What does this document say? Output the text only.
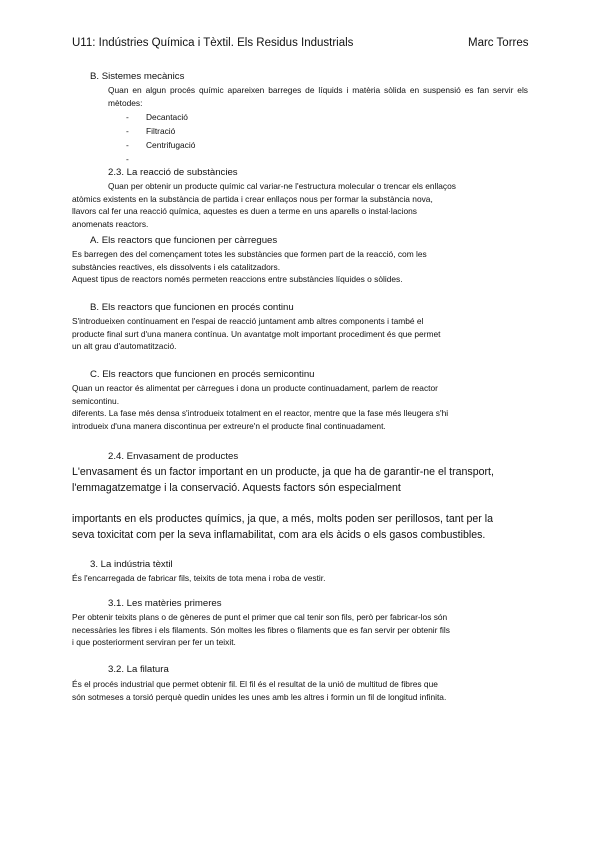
U11: Indústries Química i Tèxtil. Els Residus Industrials	Marc Torres
B. Sistemes mecànics
Quan en algun procés químic apareixen barreges de líquids i matèria sòlida en suspensió es fan servir els mètodes:
- Decantació
- Filtració
- Centrifugació
-
2.3. La reacció de substàncies
Quan per obtenir un producte químic cal variar-ne l'estructura molecular o trencar els enllaços
atòmics existents en la substància de partida i crear enllaços nous per formar la substància nova,
llavors cal fer una reacció química, aquestes es duen a terme en uns aparells o instal·lacions
anomenats reactors.
A. Els reactors que funcionen per càrregues
Es barregen des del començament totes les substàncies que formen part de la reacció, com les
substàncies reactives, els dissolvents i els catalitzadors.
Aquest tipus de reactors només permeten reaccions entre substàncies líquides o sòlides.
B. Els reactors que funcionen en procés continu
S'introdueixen contínuament en l'espai de reacció juntament amb altres components i també el
producte final surt d'una manera contínua. Un avantatge molt important procediment és que permet
un alt grau d'automatització.
C. Els reactors que funcionen en procés semicontinu
Quan un reactor és alimentat per càrregues i dona un producte continuadament, parlem de reactor
semicontinu.
diferents. La fase més densa s'introdueix totalment en el reactor, mentre que la fase més lleugera s'hi
introdueix d'una manera discontinua per extreure'n el producte final continuadament.
2.4. Envasament de productes
L'envasament és un factor important en un producte, ja que ha de garantir-ne el transport,
l'emmagatzematge i la conservació. Aquests factors són especialment
importants en els productes químics, ja que, a més, molts poden ser perillosos, tant per la
seva toxicitat com per la seva inflamabilitat, com ara els àcids o els gasos combustibles.
3. La indústria tèxtil
És l'encarregada de fabricar fils, teixits de tota mena i roba de vestir.
3.1. Les matèries primeres
Per obtenir teixits plans o de gèneres de punt el primer que cal tenir son fils, però per fabricar-los són
necessàries les fibres i els filaments. Són moltes les fibres o filaments que es fan servir per obtenir fils
i que posteriorment serviran per fer un teixit.
3.2. La filatura
És el procés industrial que permet obtenir fil. El fil és el resultat de la unió de multitud de fibres que
són sotmeses a torsió perquè quedin unides les unes amb les altres i formin un fil de longitud infinita.
